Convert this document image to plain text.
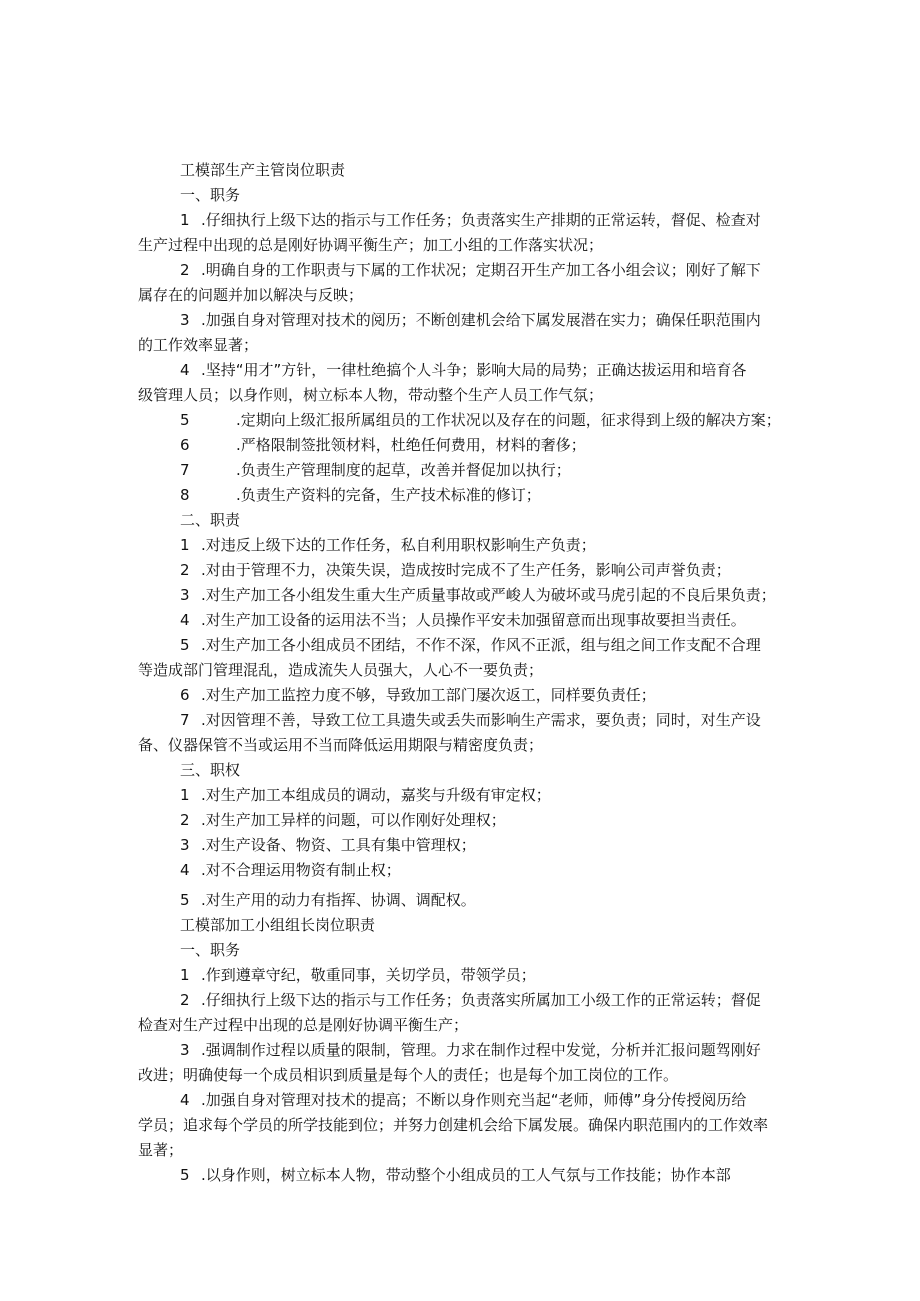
工模部生产主管岗位职责
一、职务
1 .仔细执行上级下达的指示与工作任务；负责落实生产排期的正常运转，督促、检查对
生产过程中出现的总是刚好协调平衡生产；加工小组的工作落实状况；
2 .明确自身的工作职责与下属的工作状况；定期召开生产加工各小组会议；刚好了解下
属存在的问题并加以解决与反映；
3 .加强自身对管理对技术的阅历；不断创建机会给下属发展潜在实力；确保任职范围内
的工作效率显著；
4 .坚持“用才”方针，一律杜绝搞个人斗争；影响大局的局势；正确达拔运用和培育各
级管理人员；以身作则，树立标本人物，带动整个生产人员工作气氛；
5	.定期向上级汇报所属组员的工作状况以及存在的问题，征求得到上级的解决方案；
6	.严格限制签批领材料，杜绝任何费用，材料的奢侈；
7	.负责生产管理制度的起草，改善并督促加以执行；
8	.负责生产资料的完备，生产技术标准的修订；
二、职责
1 .对违反上级下达的工作任务，私自利用职权影响生产负责；
2 .对由于管理不力，决策失误，造成按时完成不了生产任务，影响公司声誉负责；
3 .对生产加工各小组发生重大生产质量事故或严峻人为破坏或马虎引起的不良后果负责；
4 .对生产加工设备的运用法不当；人员操作平安未加强留意而出现事故要担当责任。
5 .对生产加工各小组成员不团结，不作不深，作风不正派，组与组之间工作支配不合理
等造成部门管理混乱，造成流失人员强大，人心不一要负责；
6 .对生产加工监控力度不够，导致加工部门屡次返工，同样要负责任；
7 .对因管理不善，导致工位工具遗失或丢失而影响生产需求，要负责；同时，对生产设
备、仪器保管不当或运用不当而降低运用期限与精密度负责；
三、职权
1 .对生产加工本组成员的调动，嘉奖与升级有审定权；
2 .对生产加工异样的问题，可以作刚好处理权；
3 .对生产设备、物资、工具有集中管理权；
4 .对不合理运用物资有制止权；
5 .对生产用的动力有指挥、协调、调配权。
工模部加工小组组长岗位职责
一、职务
1 .作到遵章守纪，敬重同事，关切学员，带领学员；
2 .仔细执行上级下达的指示与工作任务；负责落实所属加工小级工作的正常运转；督促
检查对生产过程中出现的总是刚好协调平衡生产；
3 .强调制作过程以质量的限制，管理。力求在制作过程中发觉，分析并汇报问题驾刚好
改进；明确使每一个成员相识到质量是每个人的责任；也是每个加工岗位的工作。
4 .加强自身对管理对技术的提高；不断以身作则充当起“老师，师傅”身分传授阅历给
学员；追求每个学员的所学技能到位；并努力创建机会给下属发展。确保内职范围内的工作效率
显著；
5 .以身作则，树立标本人物，带动整个小组成员的工人气氛与工作技能；协作本部
